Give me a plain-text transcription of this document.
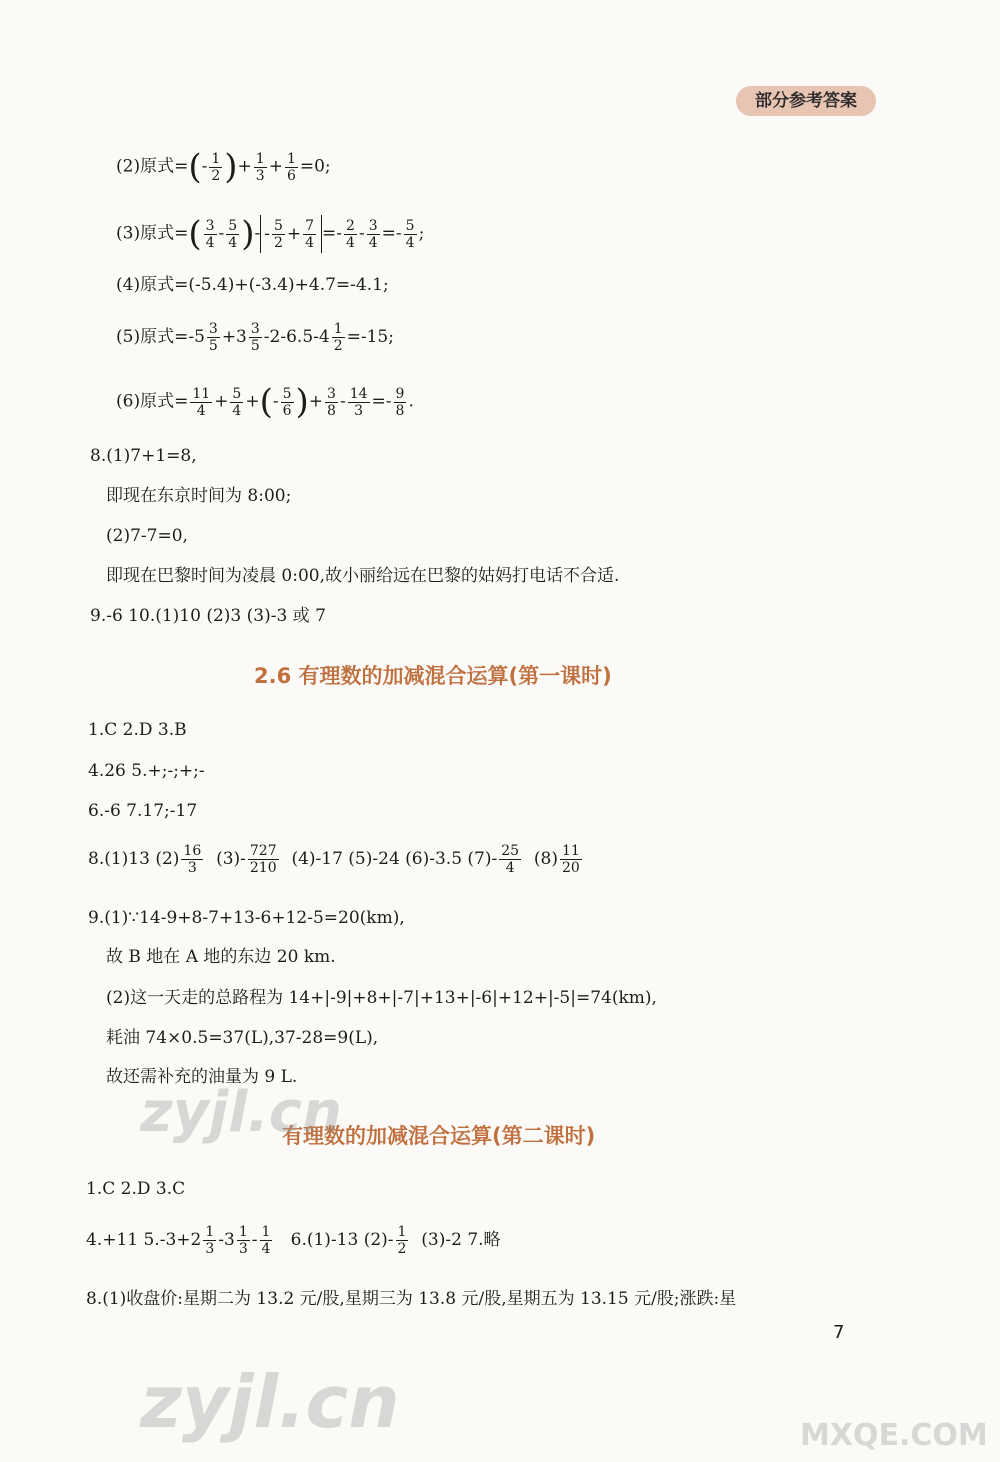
部分参考答案
(2)原式=(- $\frac{1}{2}$ )+ $\frac{1}{3} + \frac{1}{6} =0$;
(3)原式=( $\frac{3}{4} - \frac{5}{4}$ )- - $\frac{5}{2} + \frac{7}{4} =- \frac{2}{4} - \frac{3}{4} =- \frac{5}{4}$ ;
(4)原式=(-5.4)+(-3.4)+4.7=-4.1;
(5)原式$=-5 \frac{3}{5} +3 \frac{3}{5} -2-6.5-4 \frac{1}{2} =-15$;
(6)原式= $\frac{11}{4} + \frac{5}{4}$ +(- $\frac{5}{6}$ )+ $\frac{3}{8} - \frac{14}{3} =- \frac{9}{8}$ .
8.(1)7+1=8,
即现在东京时间为 8:00;
(2)7-7=0,
即现在巴黎时间为凌晨 0:00,故小丽给远在巴黎的姑妈打电话不合适.
9.-6 10.(1)10 (2)3 (3)-3 或 7
2.6 有理数的加减混合运算(第一课时)
1.C 2.D 3.B
4.26 5.+;-;+;-
6.-6 7.17;-17
8.(1)13 $(2) \frac{16}{3} (3)- \frac{727}{210} (4)-17$ (5)-24 (6)-3.5 $(7)- \frac{25}{4} (8) \frac{11}{20}$
9.(1)∵14-9+8-7+13-6+12-5=20(km),
故 B 地在 A 地的东边 20 km.
(2)这一天走的总路程为 14+|-9|+8+|-7|+13+|-6|+12+|-5|=74(km),
耗油 74×0.5=37(L),37-28=9(L),
故还需补充的油量为 9 L.
有理数的加减混合运算(第二课时)
1.C 2.D 3.C
4.+11 $5.-3+2 \frac{1}{3} -3 \frac{1}{3} - \frac{1}{4} 6.(1)-13$ $(2)- \frac{1}{2} (3)-2$ 7.略
8.(1)收盘价:星期二为 13.2 元/股,星期三为 13.8 元/股,星期五为 13.15 元/股;涨跌:星
7
zyjl.cn
zyjl.cn	MXQE.COM
